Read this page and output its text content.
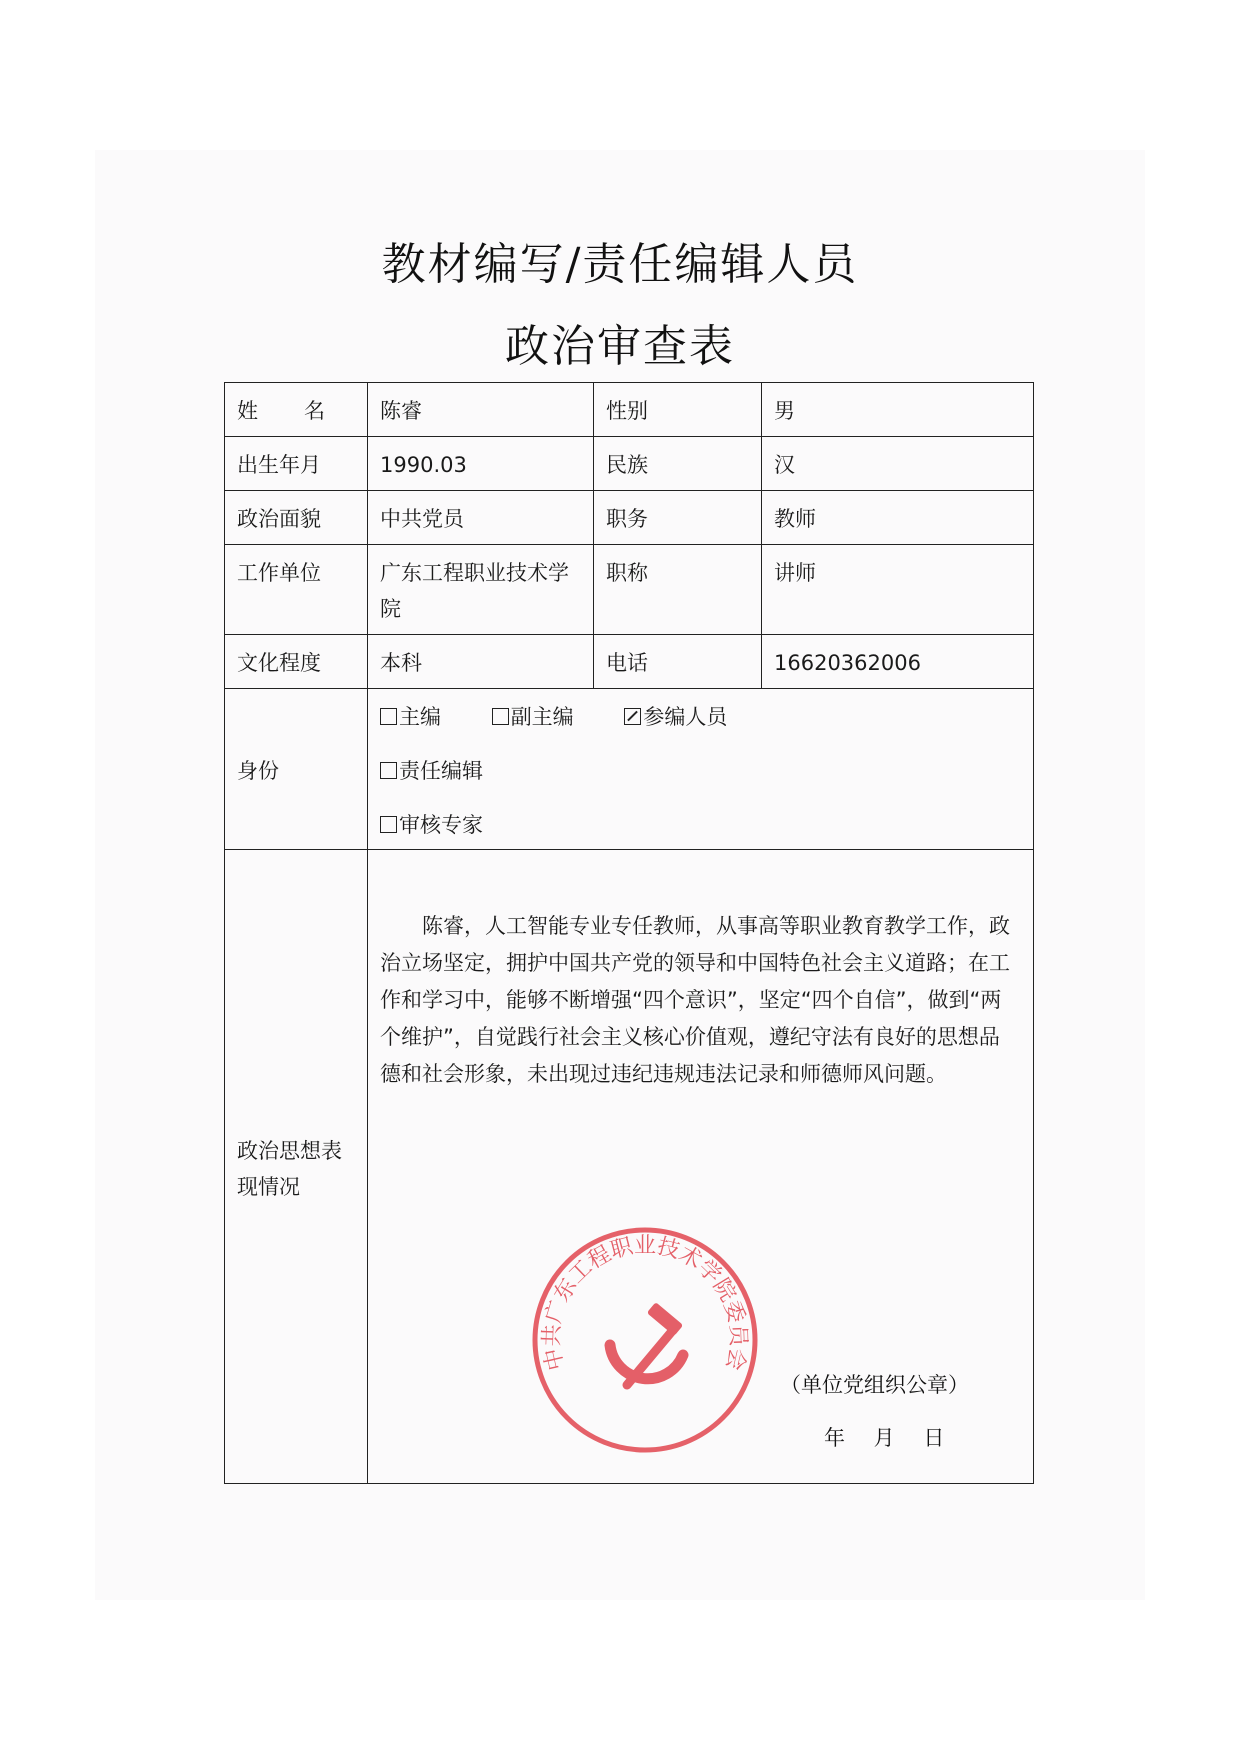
教材编写/责任编辑人员
政治审查表
姓 名	陈睿	性别	男
出生年月	1990.03	民族	汉
政治面貌	中共党员	职务	教师
工作单位	广东工程职业技术学院	职称	讲师
文化程度	本科	电话	16620362006
身份	主编 副主编 参编人员
责任编辑
审核专家		

政治思想表现情况	陈睿，人工智能专业专任教师，从事高等职业教育教学工作，政治立场坚定，拥护中国共产党的领导和中国特色社会主义道路；在工作和学习中，能够不断增强“四个意识”，坚定“四个自信”，做到“两个维护”，自觉践行社会主义核心价值观，遵纪守法有良好的思想品德和社会形象，未出现过违纪违规违法记录和师德师风问题。		
中共广东工程职业技术学院委员会
（单位党组织公章）
年 月 日
